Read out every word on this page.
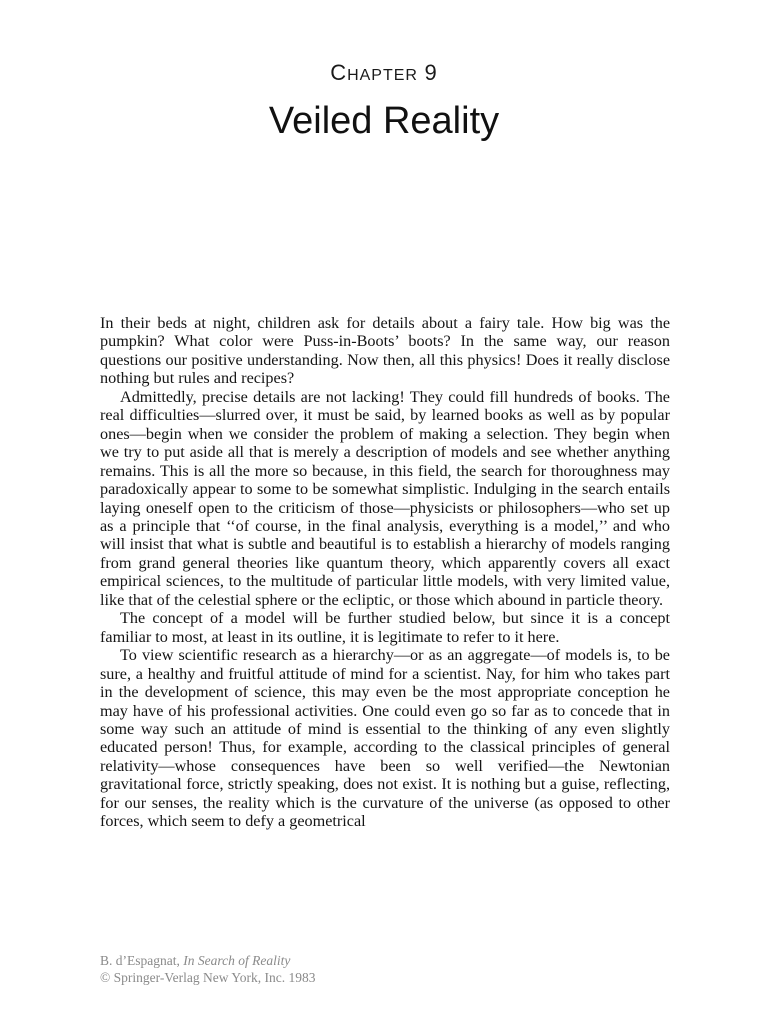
CHAPTER 9
Veiled Reality

In their beds at night, children ask for details about a fairy tale. How big was the pumpkin? What color were Puss-in-Boots’ boots? In the same way, our reason questions our positive understanding. Now then, all this physics! Does it really disclose nothing but rules and recipes?

Admittedly, precise details are not lacking! They could fill hundreds of books. The real difficulties—slurred over, it must be said, by learned books as well as by popular ones—begin when we consider the problem of making a selection. They begin when we try to put aside all that is merely a description of models and see whether anything remains. This is all the more so because, in this field, the search for thoroughness may paradoxically appear to some to be somewhat simplistic. Indulging in the search entails laying oneself open to the criticism of those—physicists or philosophers—who set up as a principle that ‘‘of course, in the final analysis, everything is a model,’’ and who will insist that what is subtle and beautiful is to establish a hierarchy of models ranging from grand general theories like quantum theory, which apparently covers all exact empirical sciences, to the multitude of particular little models, with very limited value, like that of the celestial sphere or the ecliptic, or those which abound in particle theory.

The concept of a model will be further studied below, but since it is a concept familiar to most, at least in its outline, it is legitimate to refer to it here.

To view scientific research as a hierarchy—or as an aggregate—of models is, to be sure, a healthy and fruitful attitude of mind for a scientist. Nay, for him who takes part in the development of science, this may even be the most appropriate conception he may have of his professional activities. One could even go so far as to concede that in some way such an attitude of mind is essential to the thinking of any even slightly educated person! Thus, for example, according to the classical principles of general relativity—whose consequences have been so well verified—the Newtonian gravitational force, strictly speaking, does not exist. It is nothing but a guise, reflecting, for our senses, the reality which is the curvature of the universe (as opposed to other forces, which seem to defy a geometrical

B. d’Espagnat, In Search of Reality
© Springer-Verlag New York, Inc. 1983
